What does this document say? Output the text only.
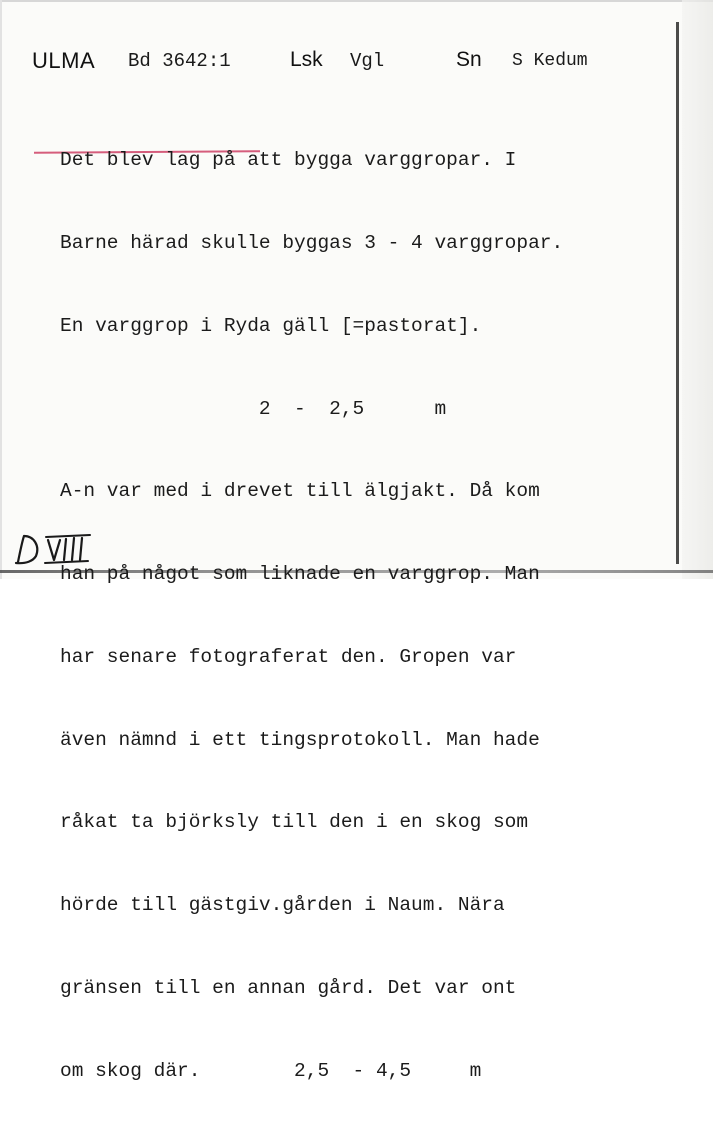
ULMA Bd 3642:1	Lsk Vgl	Sn S Kedum

Det blev lag på att bygga varggropar. I

Barne härad skulle byggas 3 - 4 varggropar.

En varggrop i Ryda gäll [=pastorat].

2  -  2,5      m

A-n var med i drevet till älgjakt. Då kom

han på något som liknade en varggrop. Man

har senare fotograferat den. Gropen var

även nämnd i ett tingsprotokoll. Man hade

råkat ta björksly till den i en skog som

hörde till gästgiv.gården i Naum. Nära

gränsen till en annan gård. Det var ont

om skog där.        2,5  - 4,5     m
